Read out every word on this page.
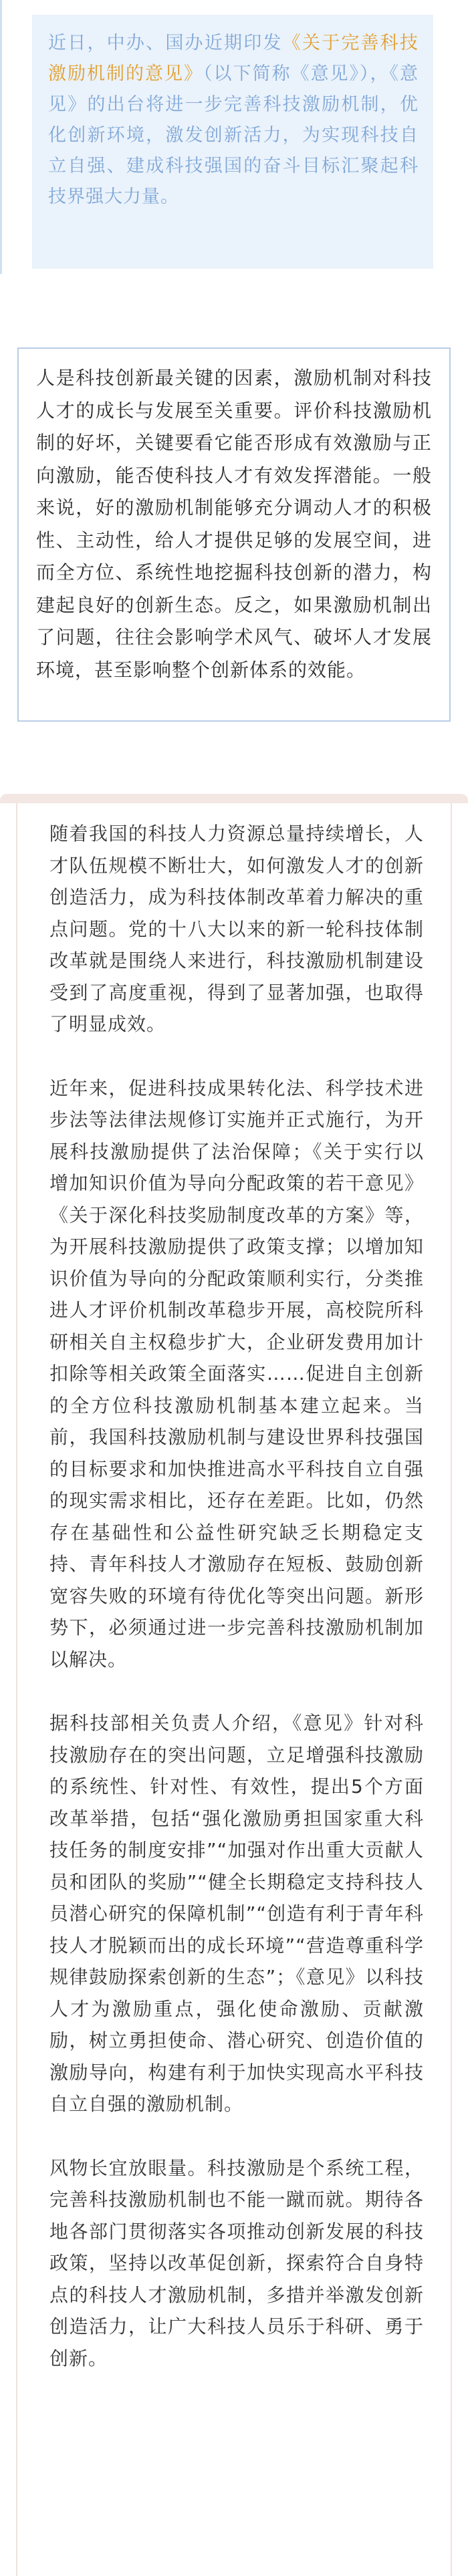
近日，中办、国办近期印发《关于完善科技激励机制的意见》（以下简称《意见》），《意见》的出台将进一步完善科技激励机制，优化创新环境，激发创新活力，为实现科技自立自强、建成科技强国的奋斗目标汇聚起科技界强大力量。

人是科技创新最关键的因素，激励机制对科技人才的成长与发展至关重要。评价科技激励机制的好坏，关键要看它能否形成有效激励与正向激励，能否使科技人才有效发挥潜能。一般来说，好的激励机制能够充分调动人才的积极性、主动性，给人才提供足够的发展空间，进而全方位、系统性地挖掘科技创新的潜力，构建起良好的创新生态。反之，如果激励机制出了问题，往往会影响学术风气、破坏人才发展环境，甚至影响整个创新体系的效能。

随着我国的科技人力资源总量持续增长，人才队伍规模不断壮大，如何激发人才的创新创造活力，成为科技体制改革着力解决的重点问题。党的十八大以来的新一轮科技体制改革就是围绕人来进行，科技激励机制建设受到了高度重视，得到了显著加强，也取得了明显成效。

近年来，促进科技成果转化法、科学技术进步法等法律法规修订实施并正式施行，为开展科技激励提供了法治保障；《关于实行以增加知识价值为导向分配政策的若干意见》《关于深化科技奖励制度改革的方案》等，为开展科技激励提供了政策支撑；以增加知识价值为导向的分配政策顺利实行，分类推进人才评价机制改革稳步开展，高校院所科研相关自主权稳步扩大，企业研发费用加计扣除等相关政策全面落实……促进自主创新的全方位科技激励机制基本建立起来。当前，我国科技激励机制与建设世界科技强国的目标要求和加快推进高水平科技自立自强的现实需求相比，还存在差距。比如，仍然存在基础性和公益性研究缺乏长期稳定支持、青年科技人才激励存在短板、鼓励创新宽容失败的环境有待优化等突出问题。新形势下，必须通过进一步完善科技激励机制加以解决。

据科技部相关负责人介绍，《意见》针对科技激励存在的突出问题，立足增强科技激励的系统性、针对性、有效性，提出5个方面改革举措，包括“强化激励勇担国家重大科技任务的制度安排”“加强对作出重大贡献人员和团队的奖励”“健全长期稳定支持科技人员潜心研究的保障机制”“创造有利于青年科技人才脱颖而出的成长环境”“营造尊重科学规律鼓励探索创新的生态”；《意见》以科技人才为激励重点，强化使命激励、贡献激励，树立勇担使命、潜心研究、创造价值的激励导向，构建有利于加快实现高水平科技自立自强的激励机制。

风物长宜放眼量。科技激励是个系统工程，完善科技激励机制也不能一蹴而就。期待各地各部门贯彻落实各项推动创新发展的科技政策，坚持以改革促创新，探索符合自身特点的科技人才激励机制，多措并举激发创新创造活力，让广大科技人员乐于科研、勇于创新。
